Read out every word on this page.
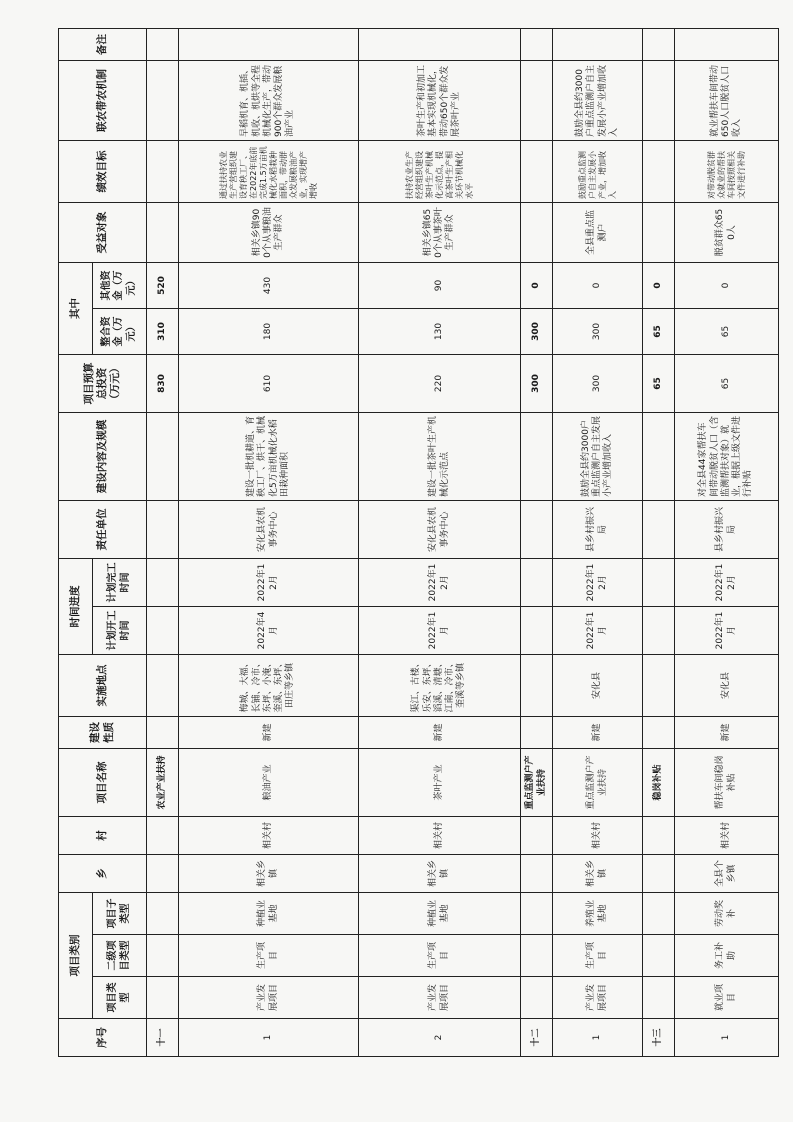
序号	项目类别			乡	村	项目名称	建设性质	实施地点	时间进度		责任单位	建设内容及规模	项目预算总投资（万元）	其中		受益对象	绩效目标	联农带农机制	备注
	项目类型	二级项目类型	项目子类型						计划开工时间	计划完工时间				整合资金（万元）	其他资金（万元）				
十一						农业产业扶持							830	310	520				
1	产业发展项目	生产项目	种植业基地	相关乡镇	相关村	粮油产业	新建	梅城、大福、长铺、冷市、东坪、小淹、奎溪、东坪、田庄等乡镇	2022年4月	2022年12月	安化县农机事务中心	建设一批机耕道、育秧工厂、烘干、机械化5万亩机械化水稻田栽种面积	610	180	430	相关乡镇900个从事粮油生产群众	通过扶持农业生产营组织建设育秧工厂、在2022年底前完成1.5万亩机械化水稻栽种面积，带动群众发展粮油产业，实现增产增收	早稻机育、机插、机收、机烘等全程机械化生产，带动900个群众发展粮油产业	
2	产业发展项目	生产项目	种植业基地	相关乡镇	相关村	茶叶产业	新建	渠江、古楼、乐安、东坪、滔溪、清塘、江南、冷市、奎溪等乡镇	2022年1月	2022年12月	安化县农机事务中心	建设一批茶叶生产机械化示范点	220	130	90	相关乡镇650个从事茶叶生产群众	扶持农业生产经营组织建设茶叶生产机械化示范点，提高茶叶生产相关环节机械化水平	茶叶生产和初加工基本实现机械化，带动650个群众发展茶叶产业	
十二						重点监测户产业扶持							300	300	0				
1	产业发展项目	生产项目	养殖业基地	相关乡镇	相关村	重点监测户产业扶持	新建	安化县	2022年1月	2022年12月	县乡村振兴局	鼓励全县约3000户重点监测户自主发展小产业增加收入	300	300	0	全县重点监测户	鼓励重点监测户自主发展小产业，增加收入	鼓励全县约3000户重点监测户自主发展小产业增加收入	
十三						稳岗补贴							65	65	0				
1	就业项目	务工补助	劳动奖补	全县个乡镇	相关村	帮扶车间稳岗补贴	新建	安化县	2022年1月	2022年12月	县乡村振兴局	对全县44家帮扶车间带动脱贫人口（含监测帮扶对象）就业，根据上级文件进行补贴	65	65	0	脱贫群众650人	对带动脱贫群众就业的帮扶车间按照相关文件进行补助	就业帮扶车间带动650人口脱贫人口收入	
